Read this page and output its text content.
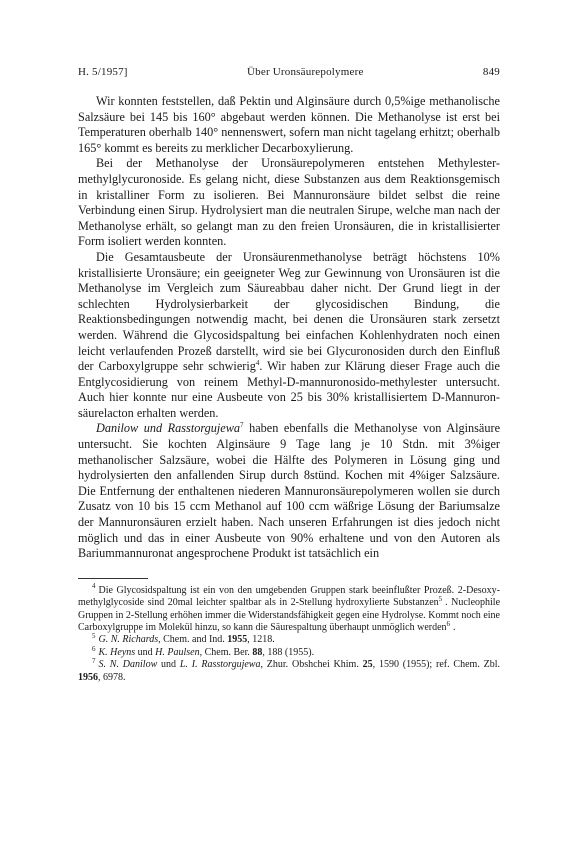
H. 5/1957]	Über Uronsäurepolymere	849

Wir konnten feststellen, daß Pektin und Alginsäure durch 0,5%ige methanolische Salzsäure bei 145 bis 160° abgebaut werden können. Die Methanolyse ist erst bei Temperaturen oberhalb 140° nennenswert, sofern man nicht tagelang erhitzt; oberhalb 165° kommt es bereits zu merklicher Decarboxylierung.

Bei der Methanolyse der Uronsäurepolymeren entstehen Methylester-methylglycuronoside. Es gelang nicht, diese Substanzen aus dem Reaktionsgemisch in kristalliner Form zu isolieren. Bei Mannuronsäure bildet selbst die reine Verbindung einen Sirup. Hydrolysiert man die neutralen Sirupe, welche man nach der Methanolyse erhält, so gelangt man zu den freien Uronsäuren, die in kristallisierter Form isoliert werden konnten.

Die Gesamtausbeute der Uronsäurenmethanolyse beträgt höchstens 10% kristallisierte Uronsäure; ein geeigneter Weg zur Gewinnung von Uronsäuren ist die Methanolyse im Vergleich zum Säureabbau daher nicht. Der Grund liegt in der schlechten Hydrolysierbarkeit der glycosidischen Bindung, die Reaktionsbedingungen notwendig macht, bei denen die Uronsäuren stark zersetzt werden. Während die Glycosidspaltung bei einfachen Kohlenhydraten noch einen leicht verlaufenden Prozeß darstellt, wird sie bei Glycuronosiden durch den Einfluß der Carboxylgruppe sehr schwierig$^4$. Wir haben zur Klärung dieser Frage auch die Entglycosidierung von reinem Methyl-D-mannuronosido-methylester untersucht. Auch hier konnte nur eine Ausbeute von 25 bis 30% kristallisiertem D-Mannuron-säurelacton erhalten werden.

Danilow und Rasstorgujewa$^7$ haben ebenfalls die Methanolyse von Alginsäure untersucht. Sie kochten Alginsäure 9 Tage lang je 10 Stdn. mit 3%iger methanolischer Salzsäure, wobei die Hälfte des Polymeren in Lösung ging und hydrolysierten den anfallenden Sirup durch 8stünd. Kochen mit 4%iger Salzsäure. Die Entfernung der enthaltenen niederen Mannuronsäurepolymeren wollen sie durch Zusatz von 10 bis 15 ccm Methanol auf 100 ccm wäßrige Lösung der Bariumsalze der Mannuronsäuren erzielt haben. Nach unseren Erfahrungen ist dies jedoch nicht möglich und das in einer Ausbeute von 90% erhaltene und von den Autoren als Bariummannuronat angesprochene Produkt ist tatsächlich ein

$^4$ Die Glycosidspaltung ist ein von den umgebenden Gruppen stark beeinflußter Prozeß. 2-Desoxy-methylglycoside sind 20mal leichter spaltbar als in 2-Stellung hydroxylierte Substanzen$^5$ . Nucleophile Gruppen in 2-Stellung erhöhen immer die Widerstandsfähigkeit gegen eine Hydrolyse. Kommt noch eine Carboxylgruppe im Molekül hinzu, so kann die Säurespaltung überhaupt unmöglich werden$^6$ .

$^5$ G. N. Richards, Chem. and Ind. 1955, 1218.

$^6$ K. Heyns und H. Paulsen, Chem. Ber. 88, 188 (1955).

$^7$ S. N. Danilow und L. I. Rasstorgujewa, Zhur. Obshchei Khim. 25, 1590 (1955); ref. Chem. Zbl. 1956, 6978.
